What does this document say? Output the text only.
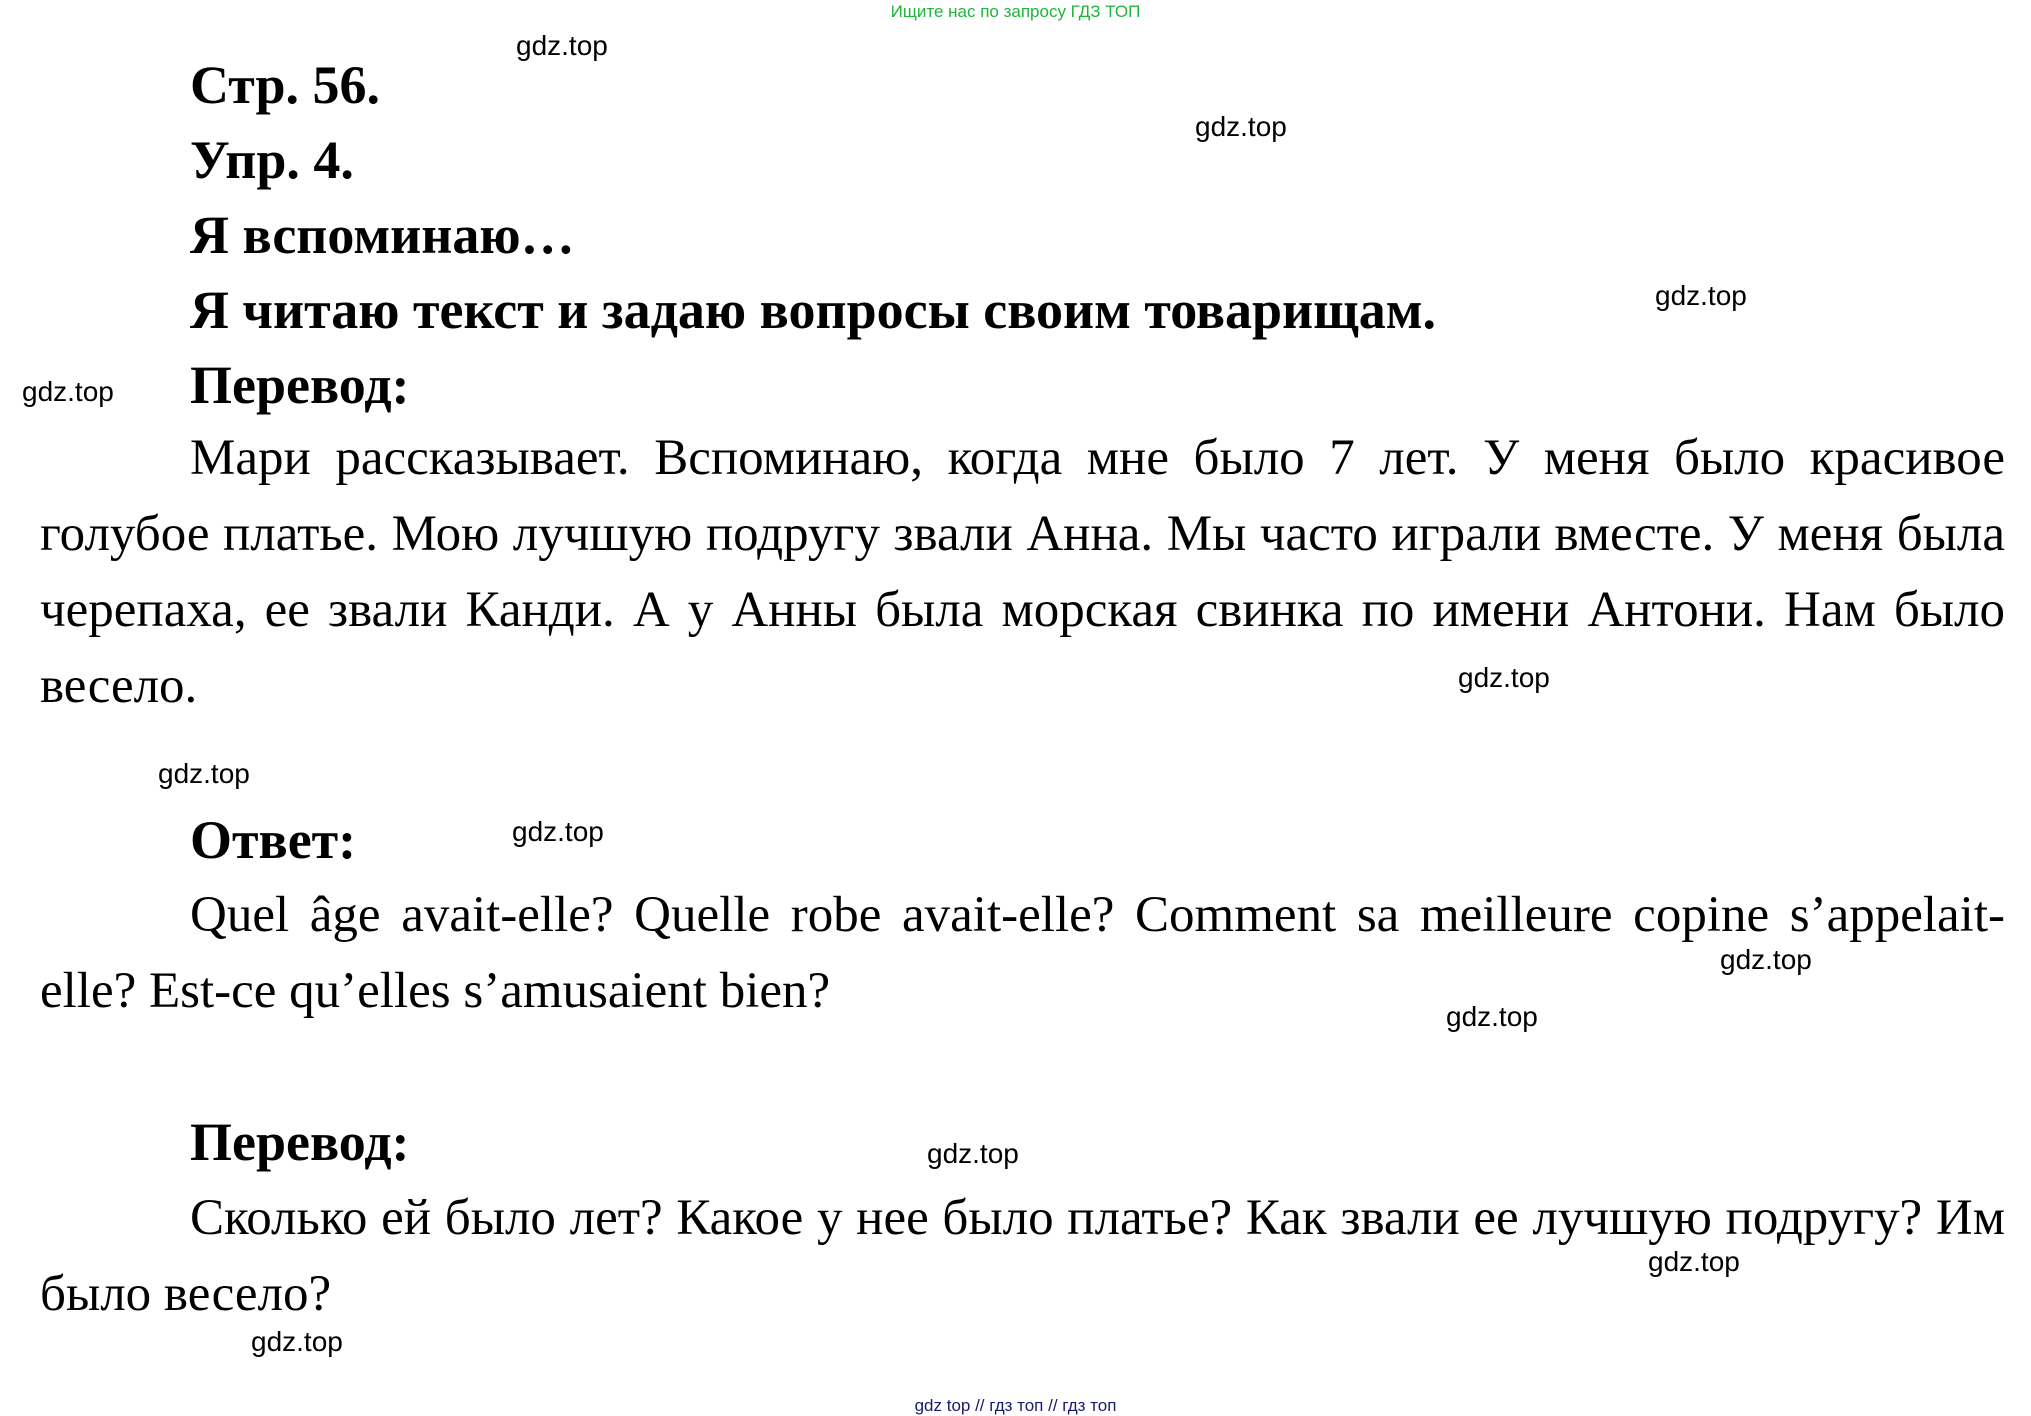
Ищите нас по запросу ГДЗ ТОП
Стр. 56.
Упр. 4.
Я вспоминаю…
Я читаю текст и задаю вопросы своим товарищам.
Перевод:
Мари рассказывает. Вспоминаю, когда мне было 7 лет. У меня было красивое голубое платье. Мою лучшую подругу звали Анна. Мы часто играли вместе. У меня была черепаха, ее звали Канди. А у Анны была морская свинка по имени Антони. Нам было весело.
Ответ:
Quel âge avait-elle? Quelle robe avait-elle? Comment sa meilleure copine s’appelait-elle? Est-ce qu’elles s’amusaient bien?
Перевод:
Сколько ей было лет? Какое у нее было платье? Как звали ее лучшую подругу? Им было весело?
gdz.top
gdz.top
gdz.top
gdz.top
gdz.top
gdz.top
gdz.top
gdz.top
gdz.top
gdz.top
gdz.top
gdz.top
gdz top // гдз топ // гдз топ
